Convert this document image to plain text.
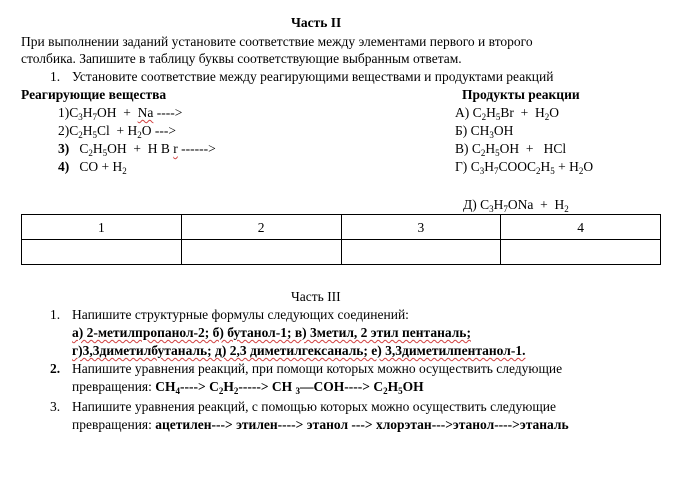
Часть II
При выполнении заданий установите соответствие между элементами первого и второго
столбика. Запишите в таблицу буквы соответствующие выбранным ответам.
1. Установите соответствие между реагирующими веществами и продуктами реакций
Реагирующие вещества	Продукты реакции
$1)C_3H_7OH + Na$ ---->
$2)C_2H_5Cl + H_2O$ --->
3)   $C_2H_5OH + H$ B r ------>
4)   CO + $H_2$
А) $C_2H_5Br + H_2O$
Б) $CH_3OH$
В) $C_2H_5OH$  +   HCl
Г) $C_3H_7COOC_2H_5 + H_2O$
Д) $C_3H_7ONa + H_2$
1	2	3	4

Часть III
1. Напишите структурные формулы следующих соединений:
а) 2-метилпропанол-2; б) бутанол-1; в) 3метил, 2 этил пентаналь;
г)3,3диметилбутаналь; д) 2,3 диметилгексаналь; е) 3,3диметилпентанол-1.
2. Напишите уравнения реакций, при помощи которых можно осуществить следующие
превращения: $CH_4----> C_2H_2----->$ CH $_3$—COH----> $C_2H_5OH$
3. Напишите уравнения реакций, с помощью которых можно осуществить следующие
превращения: ацетилен---> этилен----> этанол ---> хлорэтан--->этанол---->этаналь
